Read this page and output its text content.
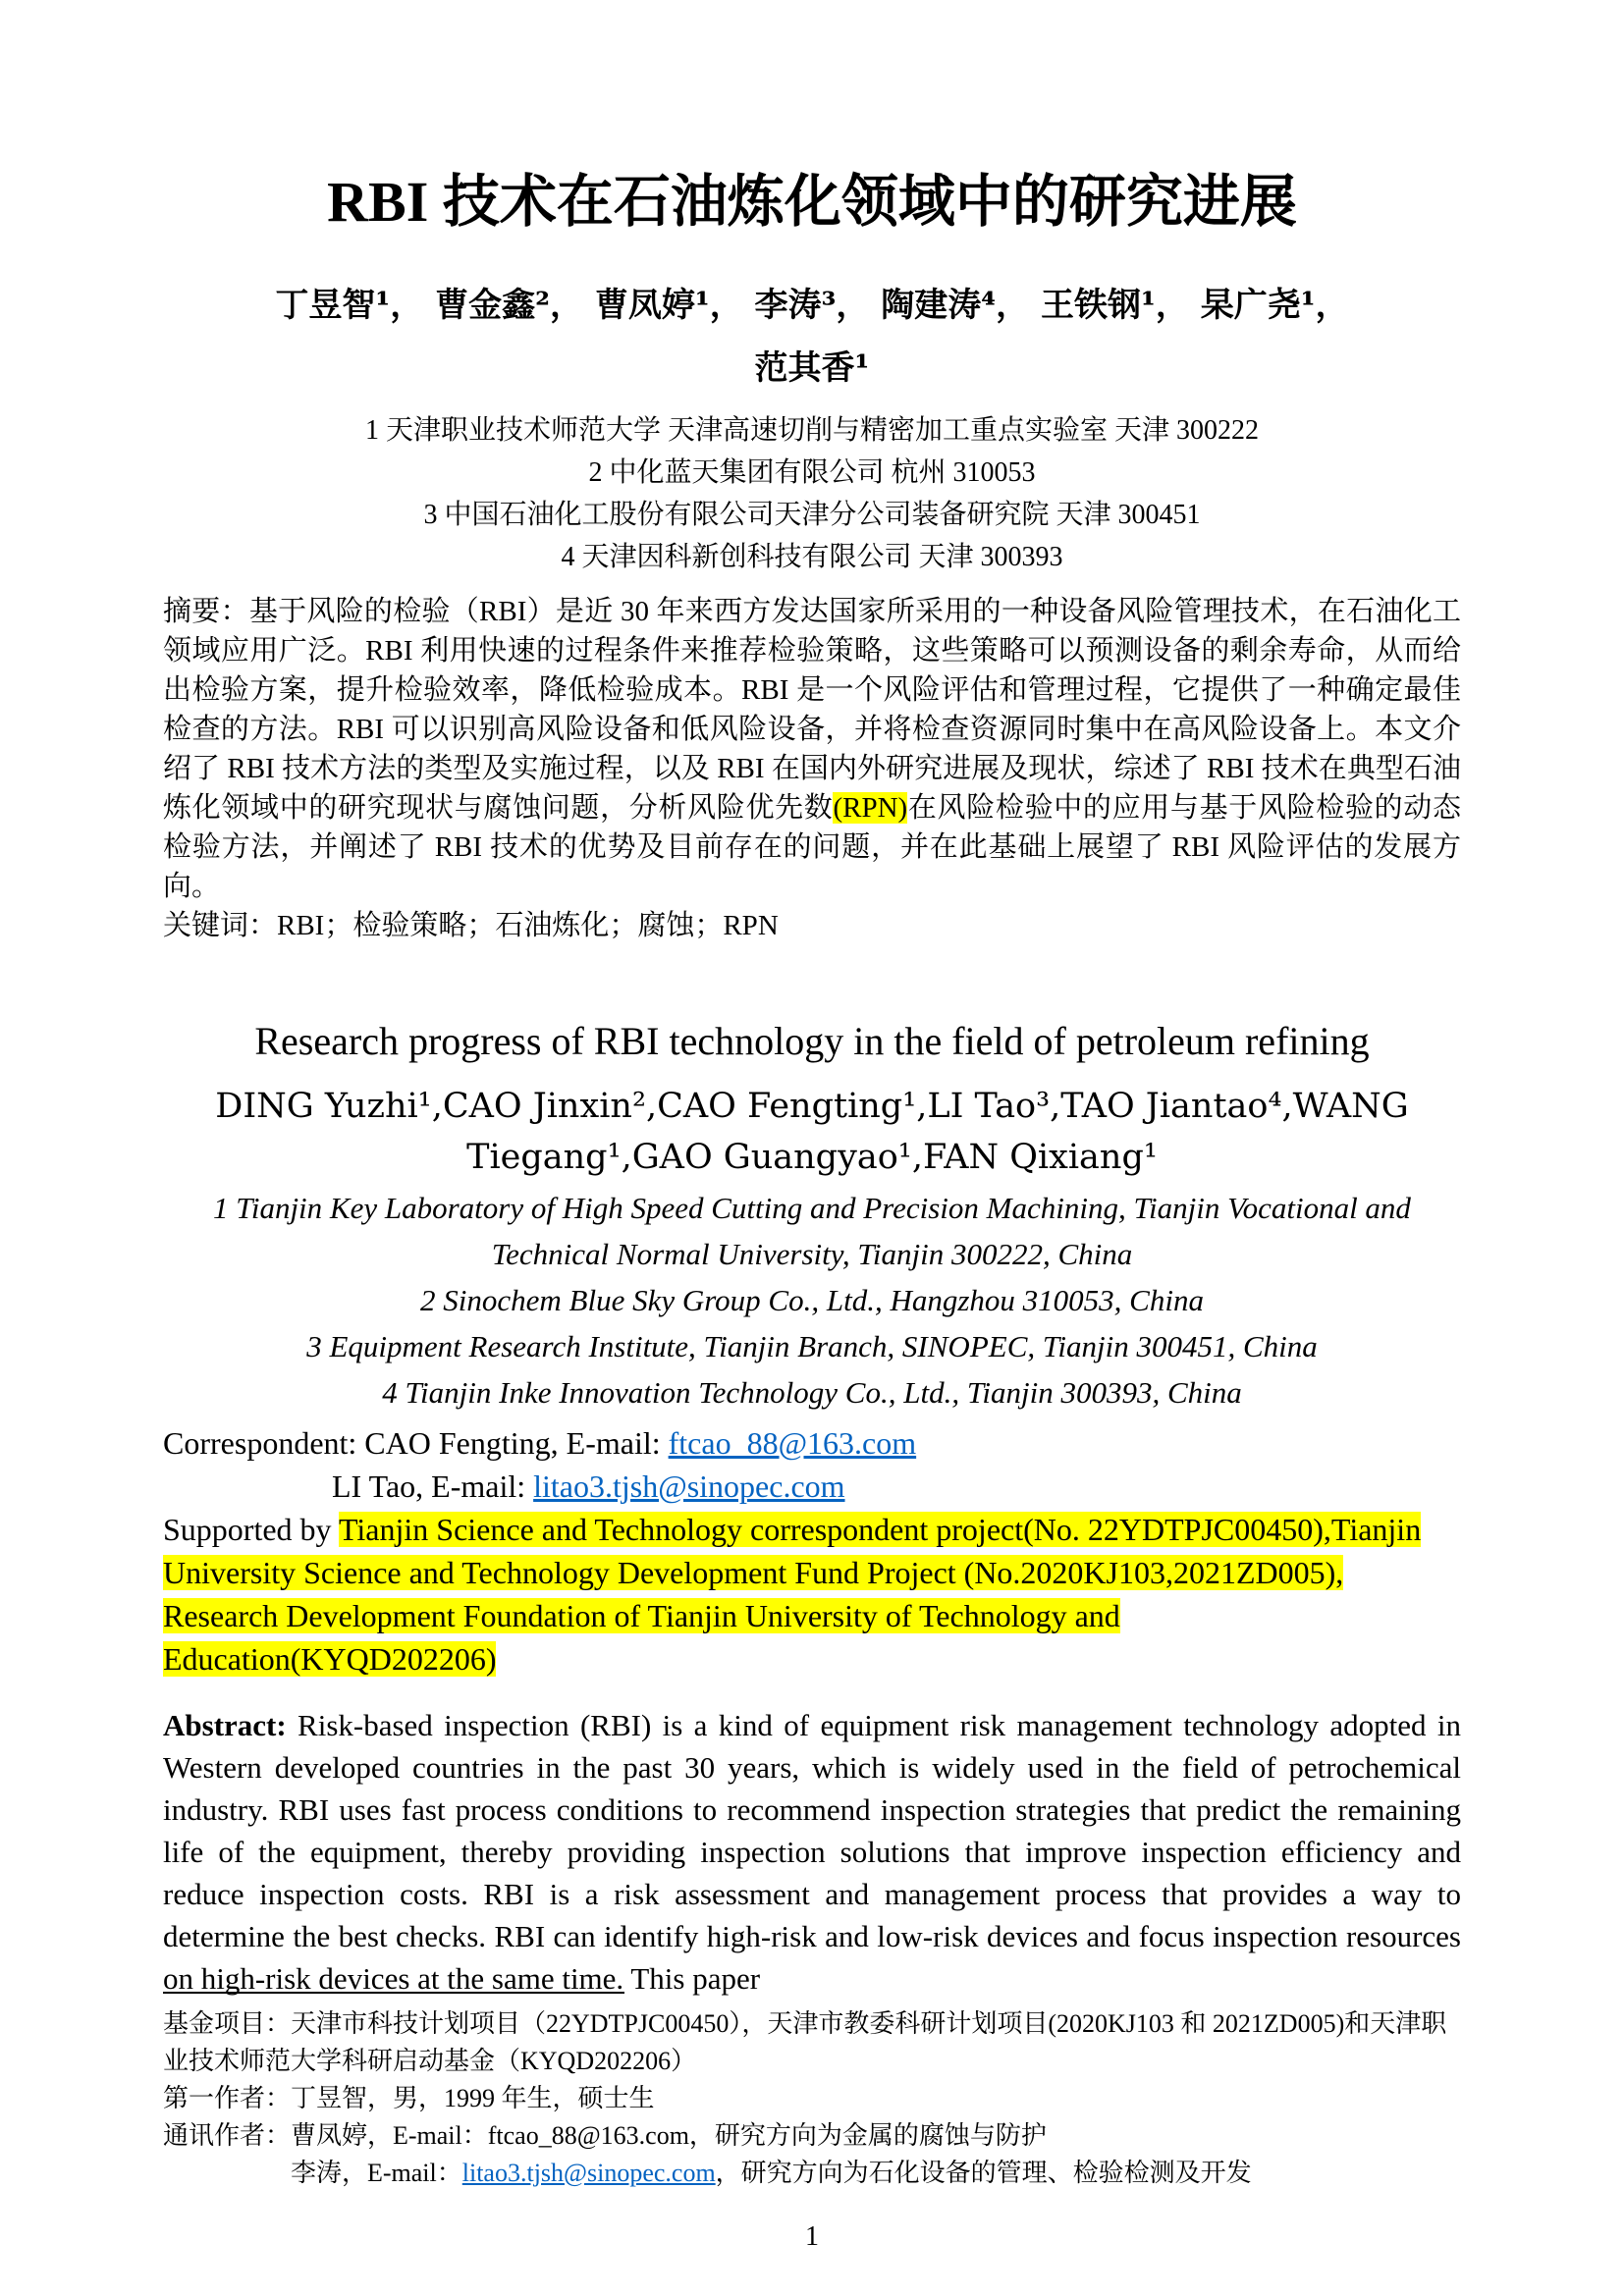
RBI 技术在石油炼化领域中的研究进展

丁昱智¹， 曹金鑫²， 曹凤婷¹， 李涛³， 陶建涛⁴， 王铁钢¹， 杲广尧¹，

范其香¹

1 天津职业技术师范大学 天津高速切削与精密加工重点实验室 天津 300222

2 中化蓝天集团有限公司 杭州 310053

3 中国石油化工股份有限公司天津分公司装备研究院 天津 300451

4 天津因科新创科技有限公司 天津 300393

摘要：基于风险的检验（RBI）是近 30 年来西方发达国家所采用的一种设备风险管理技术，在石油化工领域应用广泛。RBI 利用快速的过程条件来推荐检验策略，这些策略可以预测设备的剩余寿命，从而给出检验方案，提升检验效率，降低检验成本。RBI 是一个风险评估和管理过程，它提供了一种确定最佳检查的方法。RBI 可以识别高风险设备和低风险设备，并将检查资源同时集中在高风险设备上。本文介绍了 RBI 技术方法的类型及实施过程，以及 RBI 在国内外研究进展及现状，综述了 RBI 技术在典型石油炼化领域中的研究现状与腐蚀问题，分析风险优先数(RPN)在风险检验中的应用与基于风险检验的动态检验方法，并阐述了 RBI 技术的优势及目前存在的问题，并在此基础上展望了 RBI 风险评估的发展方向。

关键词：RBI；检验策略；石油炼化；腐蚀；RPN

Research progress of RBI technology in the field of petroleum refining

DING Yuzhi¹,CAO Jinxin²,CAO Fengting¹,LI Tao³,TAO Jiantao⁴,WANG

Tiegang¹,GAO Guangyao¹,FAN Qixiang¹

1 Tianjin Key Laboratory of High Speed Cutting and Precision Machining, Tianjin Vocational and Technical Normal University, Tianjin 300222, China

2 Sinochem Blue Sky Group Co., Ltd., Hangzhou 310053, China

3 Equipment Research Institute, Tianjin Branch, SINOPEC, Tianjin 300451, China

4 Tianjin Inke Innovation Technology Co., Ltd., Tianjin 300393, China

Correspondent: CAO Fengting, E-mail: ftcao_88@163.com

LI Tao, E-mail: litao3.tjsh@sinopec.com

Supported by Tianjin Science and Technology correspondent project(No. 22YDTPJC00450),Tianjin University Science and Technology Development Fund Project (No.2020KJ103,2021ZD005), Research Development Foundation of Tianjin University of Technology and Education(KYQD202206)

Abstract: Risk-based inspection (RBI) is a kind of equipment risk management technology adopted in Western developed countries in the past 30 years, which is widely used in the field of petrochemical industry. RBI uses fast process conditions to recommend inspection strategies that predict the remaining life of the equipment, thereby providing inspection solutions that improve inspection efficiency and reduce inspection costs. RBI is a risk assessment and management process that provides a way to determine the best checks. RBI can identify high-risk and low-risk devices and focus inspection resources on high-risk devices at the same time. This paper

基金项目：天津市科技计划项目（22YDTPJC00450），天津市教委科研计划项目(2020KJ103 和 2021ZD005)和天津职业技术师范大学科研启动基金（KYQD202206）

第一作者：丁昱智，男，1999 年生，硕士生

通讯作者：曹凤婷，E-mail：ftcao_88@163.com，研究方向为金属的腐蚀与防护

李涛，E-mail：litao3.tjsh@sinopec.com，研究方向为石化设备的管理、检验检测及开发

1
